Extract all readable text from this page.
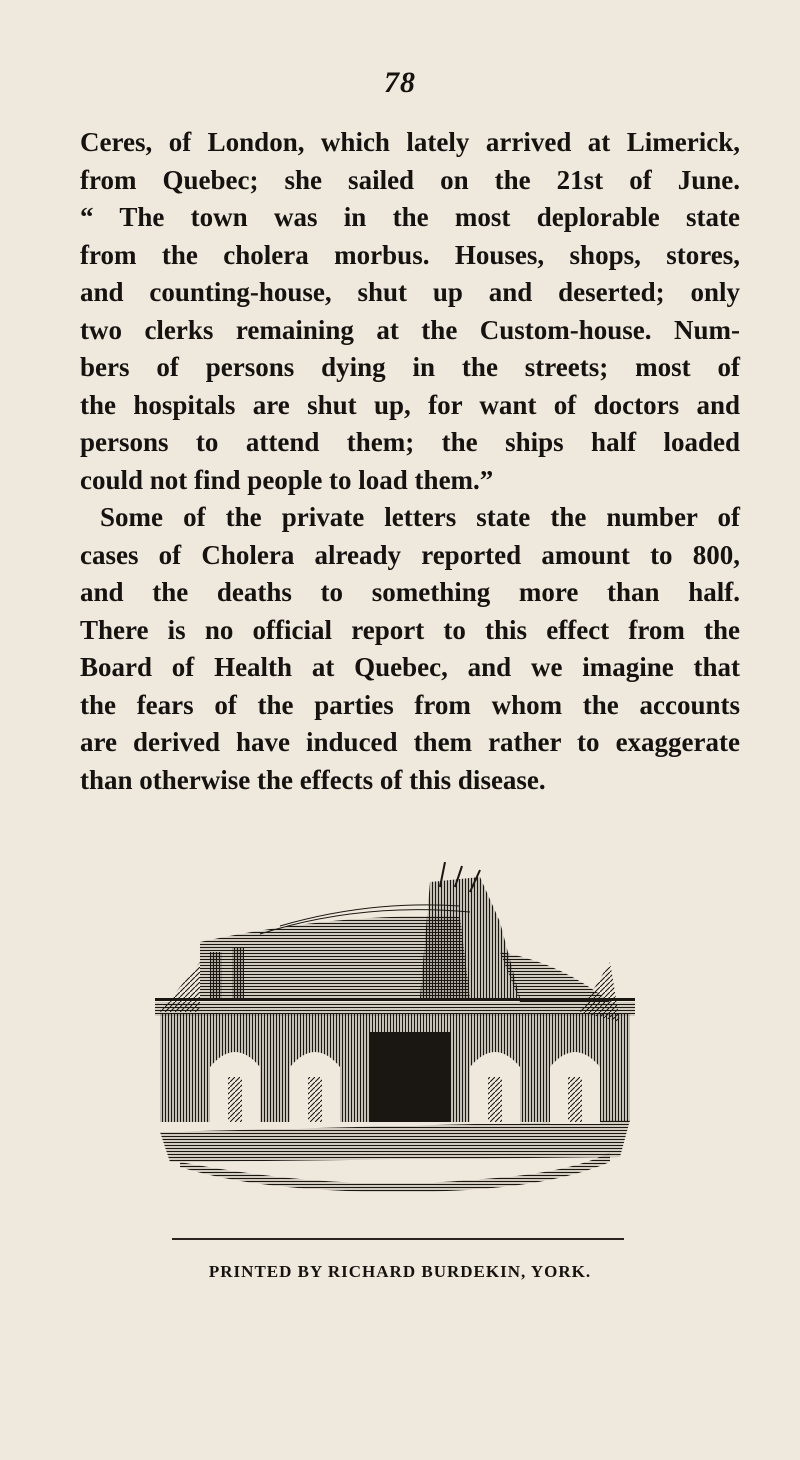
78
Ceres, of London, which lately arrived at Limerick,
from Quebec; she sailed on the 21st of June.
“ The town was in the most deplorable state
from the cholera morbus. Houses, shops, stores,
and counting-house, shut up and deserted; only
two clerks remaining at the Custom-house. Num-
bers of persons dying in the streets; most of
the hospitals are shut up, for want of doctors and
persons to attend them; the ships half loaded
could not find people to load them.”
Some of the private letters state the number of
cases of Cholera already reported amount to 800,
and the deaths to something more than half.
There is no official report to this effect from the
Board of Health at Quebec, and we imagine that
the fears of the parties from whom the accounts
are derived have induced them rather to exaggerate
than otherwise the effects of this disease.
PRINTED BY RICHARD BURDEKIN, YORK.
